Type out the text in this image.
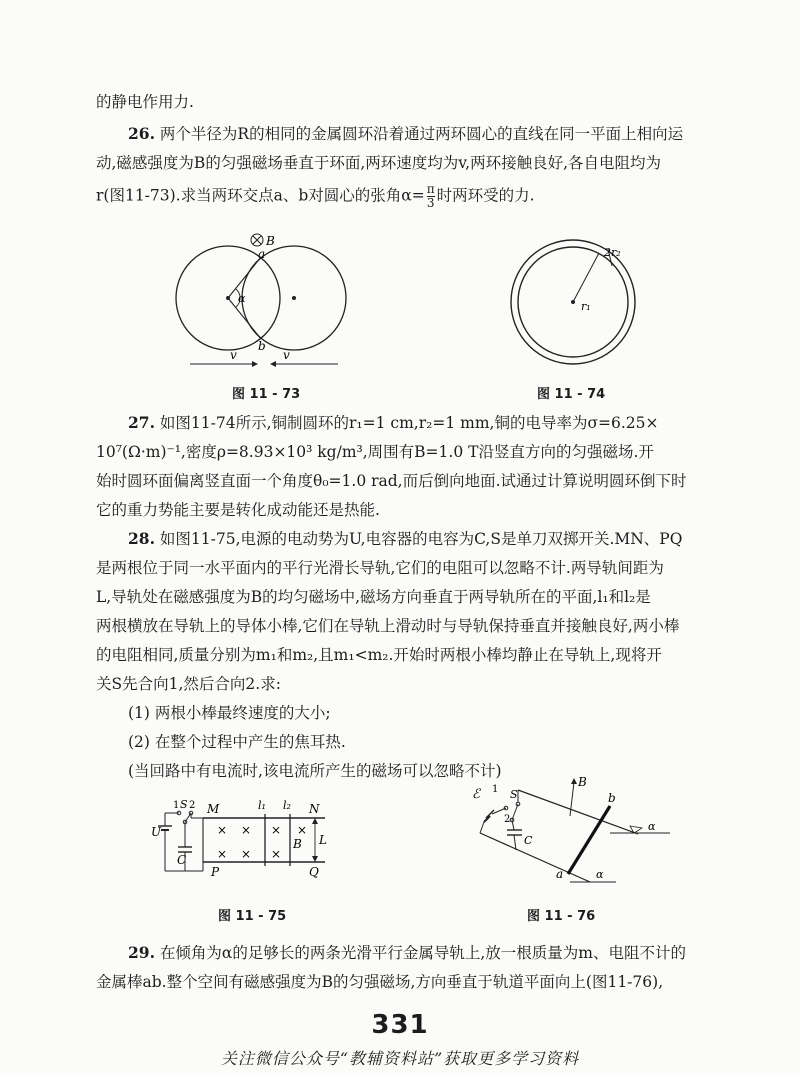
的静电作用力.

26. 两个半径为R的相同的金属圆环沿着通过两环圆心的直线在同一平面上相向运

动,磁感强度为B的匀强磁场垂直于环面,两环速度均为v,两环接触良好,各自电阻均为

r(图11-73).求当两环交点a、b对圆心的张角$\alpha= \frac{\pi}{3}$ 时两环受的力.

B
a
α
b
v	v
图 11 - 73
2r₂
r₁
图 11 - 74

27. 如图11-74所示,铜制圆环的r₁=1 cm,r₂=1 mm,铜的电导率为σ=6.25×

10⁷(Ω·m)⁻¹,密度ρ=8.93×10³ kg/m³,周围有B=1.0 T沿竖直方向的匀强磁场.开

始时圆环面偏离竖直面一个角度θ₀=1.0 rad,而后倒向地面.试通过计算说明圆环倒下时

它的重力势能主要是转化成动能还是热能.

28. 如图11-75,电源的电动势为U,电容器的电容为C,S是单刀双掷开关.MN、PQ

是两根位于同一水平面内的平行光滑长导轨,它们的电阻可以忽略不计.两导轨间距为

L,导轨处在磁感强度为B的均匀磁场中,磁场方向垂直于两导轨所在的平面,l₁和l₂是

两根横放在导轨上的导体小棒,它们在导轨上滑动时与导轨保持垂直并接触良好,两小棒

的电阻相同,质量分别为m₁和m₂,且m₁<m₂.开始时两根小棒均静止在导轨上,现将开

关S先合向1,然后合向2.求:

(1) 两根小棒最终速度的大小;

(2) 在整个过程中产生的焦耳热.

(当回路中有电流时,该电流所产生的磁场可以忽略不计)

1 S 2 M	l₁ l₂ N
U
C
B L
P	Q
× × × ×
× × ×
图 11 - 75
ℰ 1 S
2
C
B
b
α
a	α
图 11 - 76

29. 在倾角为α的足够长的两条光滑平行金属导轨上,放一根质量为m、电阻不计的

金属棒ab.整个空间有磁感强度为B的匀强磁场,方向垂直于轨道平面向上(图11-76),

331
关注微信公众号“教辅资料站”获取更多学习资料
